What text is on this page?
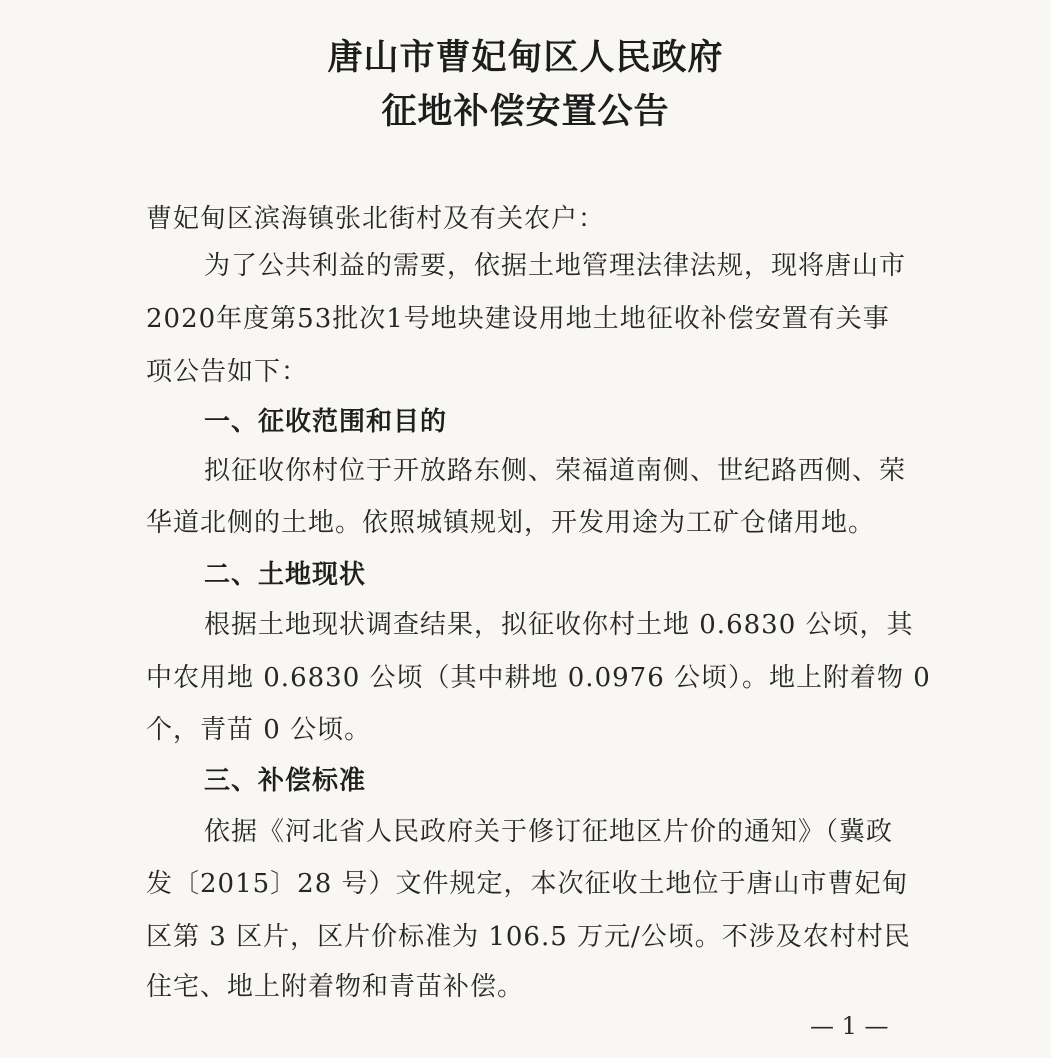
唐山市曹妃甸区人民政府
征地补偿安置公告
曹妃甸区滨海镇张北街村及有关农户：
为了公共利益的需要，依据土地管理法律法规，现将唐山市
2020年度第53批次1号地块建设用地土地征收补偿安置有关事
项公告如下：
一、征收范围和目的
拟征收你村位于开放路东侧、荣福道南侧、世纪路西侧、荣
华道北侧的土地。依照城镇规划，开发用途为工矿仓储用地。
二、土地现状
根据土地现状调查结果，拟征收你村土地 0.6830 公顷，其
中农用地 0.6830 公顷（其中耕地 0.0976 公顷）。地上附着物 0
个，青苗 0 公顷。
三、补偿标准
依据《河北省人民政府关于修订征地区片价的通知》（冀政
发〔2015〕28 号）文件规定，本次征收土地位于唐山市曹妃甸
区第 3 区片，区片价标准为 106.5 万元/公顷。不涉及农村村民
住宅、地上附着物和青苗补偿。
— 1 —
